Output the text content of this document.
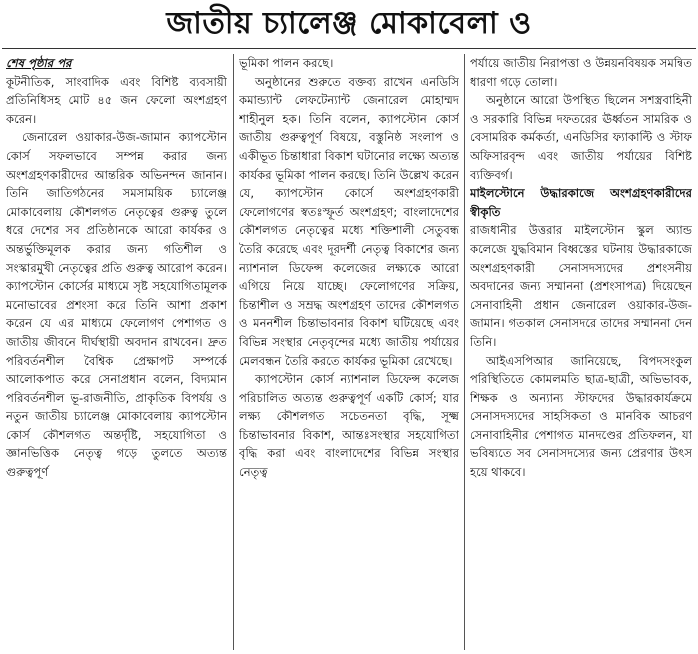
জাতীয় চ্যালেঞ্জ মোকাবেলা ও

শেষ পৃষ্ঠার পর

কূটনীতিক, সাংবাদিক এবং বিশিষ্ট ব্যবসায়ী প্রতিনিধিসহ মোট ৪৫ জন ফেলো অংশগ্রহণ করেন।

জেনারেল ওয়াকার-উজ-জামান ক্যাপস্টোন কোর্স সফলভাবে সম্পন্ন করার জন্য অংশগ্রহণকারীদের আন্তরিক অভিনন্দন জানান। তিনি জাতিগঠনের সমসাময়িক চ্যালেঞ্জ মোকাবেলায় কৌশলগত নেতৃত্বের গুরুত্ব তুলে ধরে দেশের সব প্রতিষ্ঠানকে আরো কার্যকর ও অন্তর্ভুক্তিমূলক করার জন্য গতিশীল ও সংস্কারমুখী নেতৃত্বের প্রতি গুরুত্ব আরোপ করেন। ক্যাপস্টোন কোর্সের মাধ্যমে সৃষ্ট সহযোগিতামূলক মনোভাবের প্রশংসা করে তিনি আশা প্রকাশ করেন যে এর মাধ্যমে ফেলোগণ পেশাগত ও জাতীয় জীবনে দীর্ঘস্থায়ী অবদান রাখবেন। দ্রুত পরিবর্তনশীল বৈশ্বিক প্রেক্ষাপট সম্পর্কে আলোকপাত করে সেনাপ্রধান বলেন, বিদ্যমান পরিবর্তনশীল ভূ-রাজনীতি, প্রাকৃতিক বিপর্যয় ও নতুন জাতীয় চ্যালেঞ্জ মোকাবেলায় ক্যাপস্টোন কোর্স কৌশলগত অন্তর্দৃষ্টি, সহযোগিতা ও জ্ঞানভিত্তিক নেতৃত্ব গড়ে তুলতে অত্যন্ত গুরুত্বপূর্ণ

ভূমিকা পালন করছে।

অনুষ্ঠানের শুরুতে বক্তব্য রাখেন এনডিসি কমান্ড্যান্ট লেফটেন্যান্ট জেনারেল মোহাম্মদ শাহীনুল হক। তিনি বলেন, ক্যাপস্টোন কোর্স জাতীয় গুরুত্বপূর্ণ বিষয়ে, বস্তুনিষ্ঠ সংলাপ ও একীভূত চিন্তাধারা বিকাশ ঘটানোর লক্ষ্যে অত্যন্ত কার্যকর ভূমিকা পালন করছে। তিনি উল্লেখ করেন যে, ক্যাপস্টোন কোর্সে অংশগ্রহণকারী ফেলোগণের স্বতঃস্ফূর্ত অংশগ্রহণ; বাংলাদেশের কৌশলগত নেতৃত্বের মধ্যে শক্তিশালী সেতুবন্ধ তৈরি করেছে এবং দূরদর্শী নেতৃত্ব বিকাশের জন্য ন্যাশনাল ডিফেন্স কলেজের লক্ষ্যকে আরো এগিয়ে নিয়ে যাচ্ছে। ফেলোগণের সক্রিয়, চিন্তাশীল ও সম্রদ্ধ অংশগ্রহণ তাদের কৌশলগত ও মননশীল চিন্তাভাবনার বিকাশ ঘটিয়েছে এবং বিভিন্ন সংস্থার নেতৃবৃন্দের মধ্যে জাতীয় পর্যায়ের মেলবন্ধন তৈরি করতে কার্যকর ভূমিকা রেখেছে।

ক্যাপস্টোন কোর্স ন্যাশনাল ডিফেন্স কলেজ পরিচালিত অত্যন্ত গুরুত্বপূর্ণ একটি কোর্স; যার লক্ষ্য কৌশলগত সচেতনতা বৃদ্ধি, সূক্ষ্ম চিন্তাভাবনার বিকাশ, আন্তঃসংস্থার সহযোগিতা বৃদ্ধি করা এবং বাংলাদেশের বিভিন্ন সংস্থার নেতৃত্ব

পর্যায়ে জাতীয় নিরাপত্তা ও উন্নয়নবিষয়ক সমন্বিত ধারণা গড়ে তোলা।

অনুষ্ঠানে আরো উপস্থিত ছিলেন সশস্ত্রবাহিনী ও সরকারি বিভিন্ন দফতরের ঊর্ধ্বতন সামরিক ও বেসামরিক কর্মকর্তা, এনডিসির ফ্যাকাল্টি ও স্টাফ অফিসারবৃন্দ এবং জাতীয় পর্যায়ের বিশিষ্ট ব্যক্তিবর্গ।

মাইলস্টোনে উদ্ধারকাজে অংশগ্রহণকারীদের স্বীকৃতি

রাজধানীর উত্তরার মাইলস্টোন স্কুল অ্যান্ড কলেজে যুদ্ধবিমান বিধ্বস্তের ঘটনায় উদ্ধারকাজে অংশগ্রহণকারী সেনাসদস্যদের প্রশংসনীয় অবদানের জন্য সম্মাননা (প্রশংসাপত্র) দিয়েছেন সেনাবাহিনী প্রধান জেনারেল ওয়াকার-উজ-জামান। গতকাল সেনাসদরে তাদের সম্মাননা দেন তিনি।

আইএসপিআর জানিয়েছে, বিপদসংকুল পরিস্থিতিতে কোমলমতি ছাত্র-ছাত্রী, অভিভাবক, শিক্ষক ও অন্যান্য স্টাফদের উদ্ধারকার্যক্রমে সেনাসদস্যদের সাহসিকতা ও মানবিক আচরণ সেনাবাহিনীর পেশাগত মানদণ্ডের প্রতিফলন, যা ভবিষ্যতে সব সেনাসদস্যের জন্য প্রেরণার উৎস হয়ে থাকবে।
